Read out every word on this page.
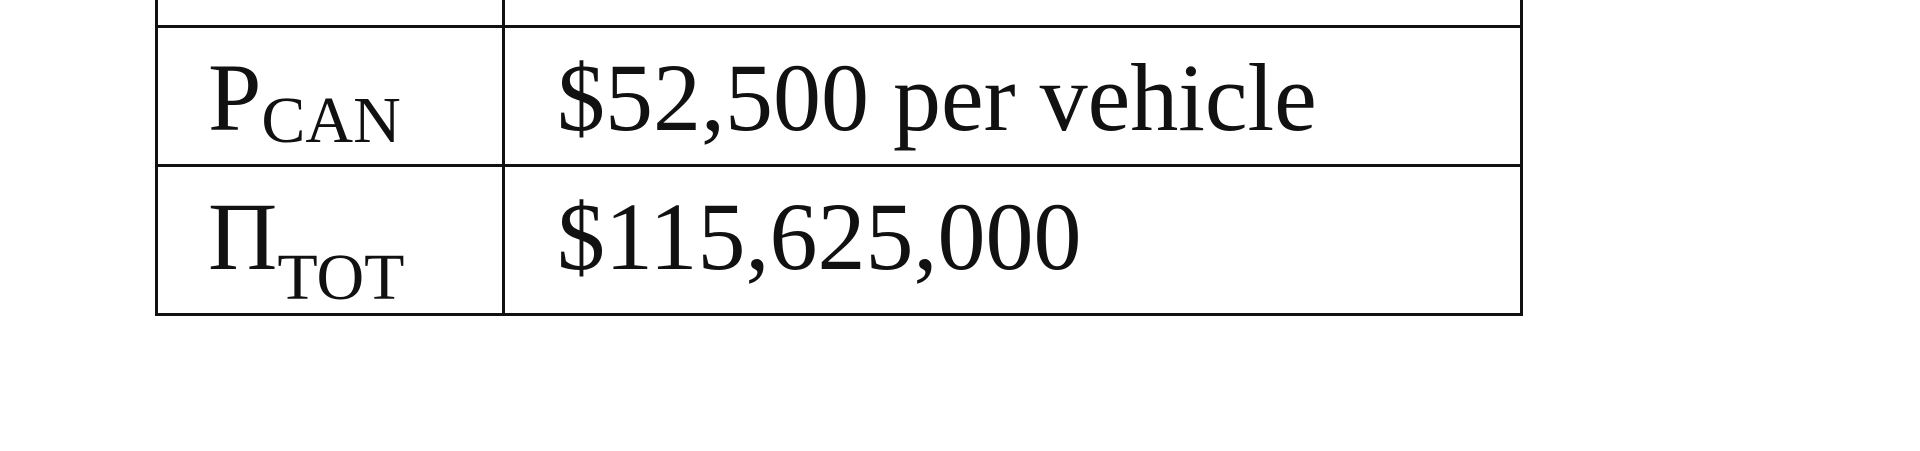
PCAN	$52,500 per vehicle
$\Pi_{TOT}$	$115,625,000
